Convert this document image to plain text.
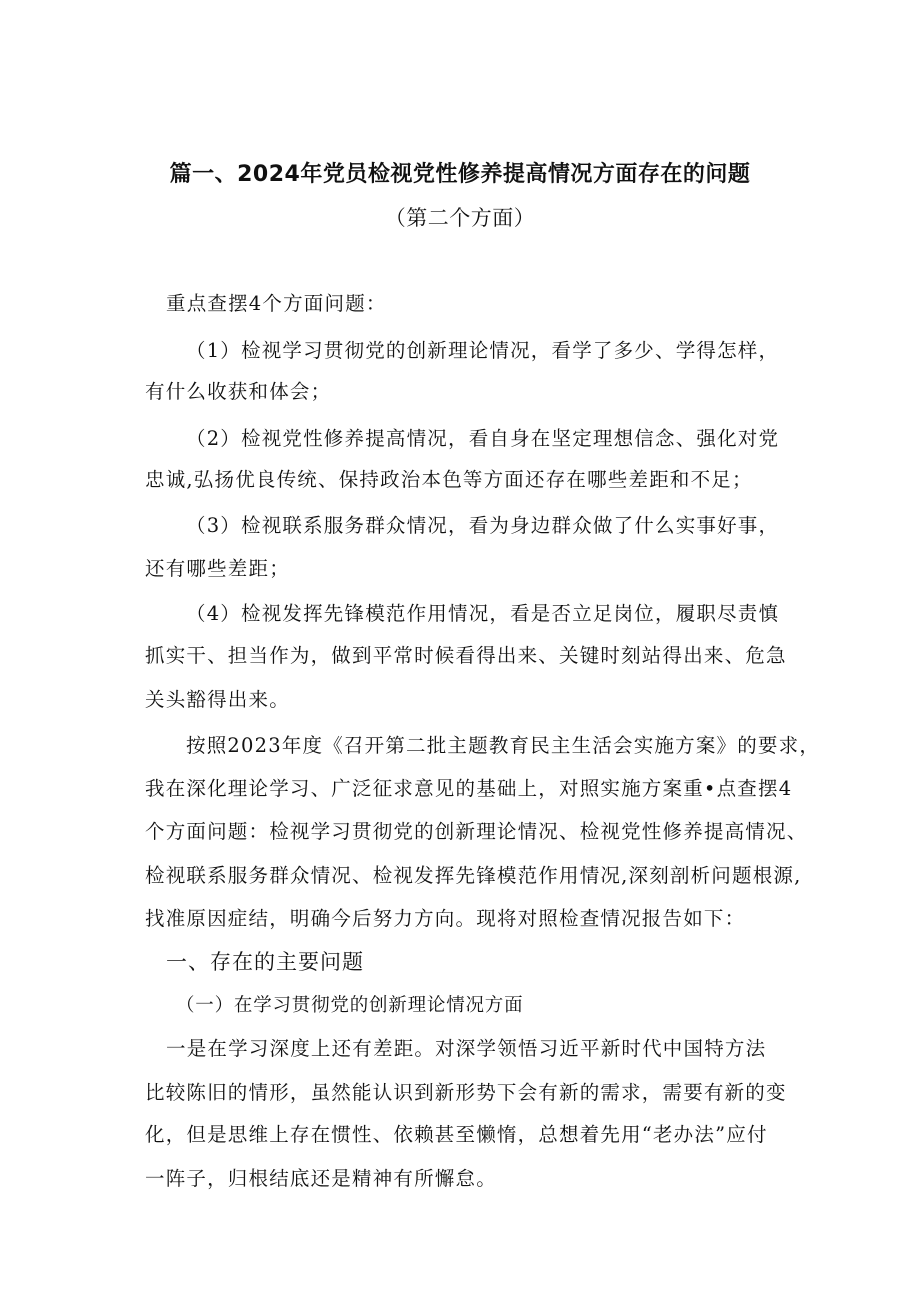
篇一、2024年党员检视党性修养提高情况方面存在的问题
（第二个方面）
重点查摆4个方面问题：
（1）检视学习贯彻党的创新理论情况，看学了多少、学得怎样，
有什么收获和体会；
（2）检视党性修养提高情况，看自身在坚定理想信念、强化对党
忠诚,弘扬优良传统、保持政治本色等方面还存在哪些差距和不足；
（3）检视联系服务群众情况，看为身边群众做了什么实事好事，
还有哪些差距；
（4）检视发挥先锋模范作用情况，看是否立足岗位，履职尽责慎
抓实干、担当作为，做到平常时候看得出来、关键时刻站得出来、危急
关头豁得出来。
按照2023年度《召开第二批主题教育民主生活会实施方案》的要求，
我在深化理论学习、广泛征求意见的基础上，对照实施方案重•点查摆4
个方面问题：检视学习贯彻党的创新理论情况、检视党性修养提高情况、
检视联系服务群众情况、检视发挥先锋模范作用情况,深刻剖析问题根源,
找准原因症结，明确今后努力方向。现将对照检查情况报告如下：
一、存在的主要问题
（一）在学习贯彻党的创新理论情况方面
一是在学习深度上还有差距。对深学领悟习近平新时代中国特方法
比较陈旧的情形，虽然能认识到新形势下会有新的需求，需要有新的变
化，但是思维上存在惯性、依赖甚至懒惰，总想着先用“老办法”应付
一阵子，归根结底还是精神有所懈怠。
